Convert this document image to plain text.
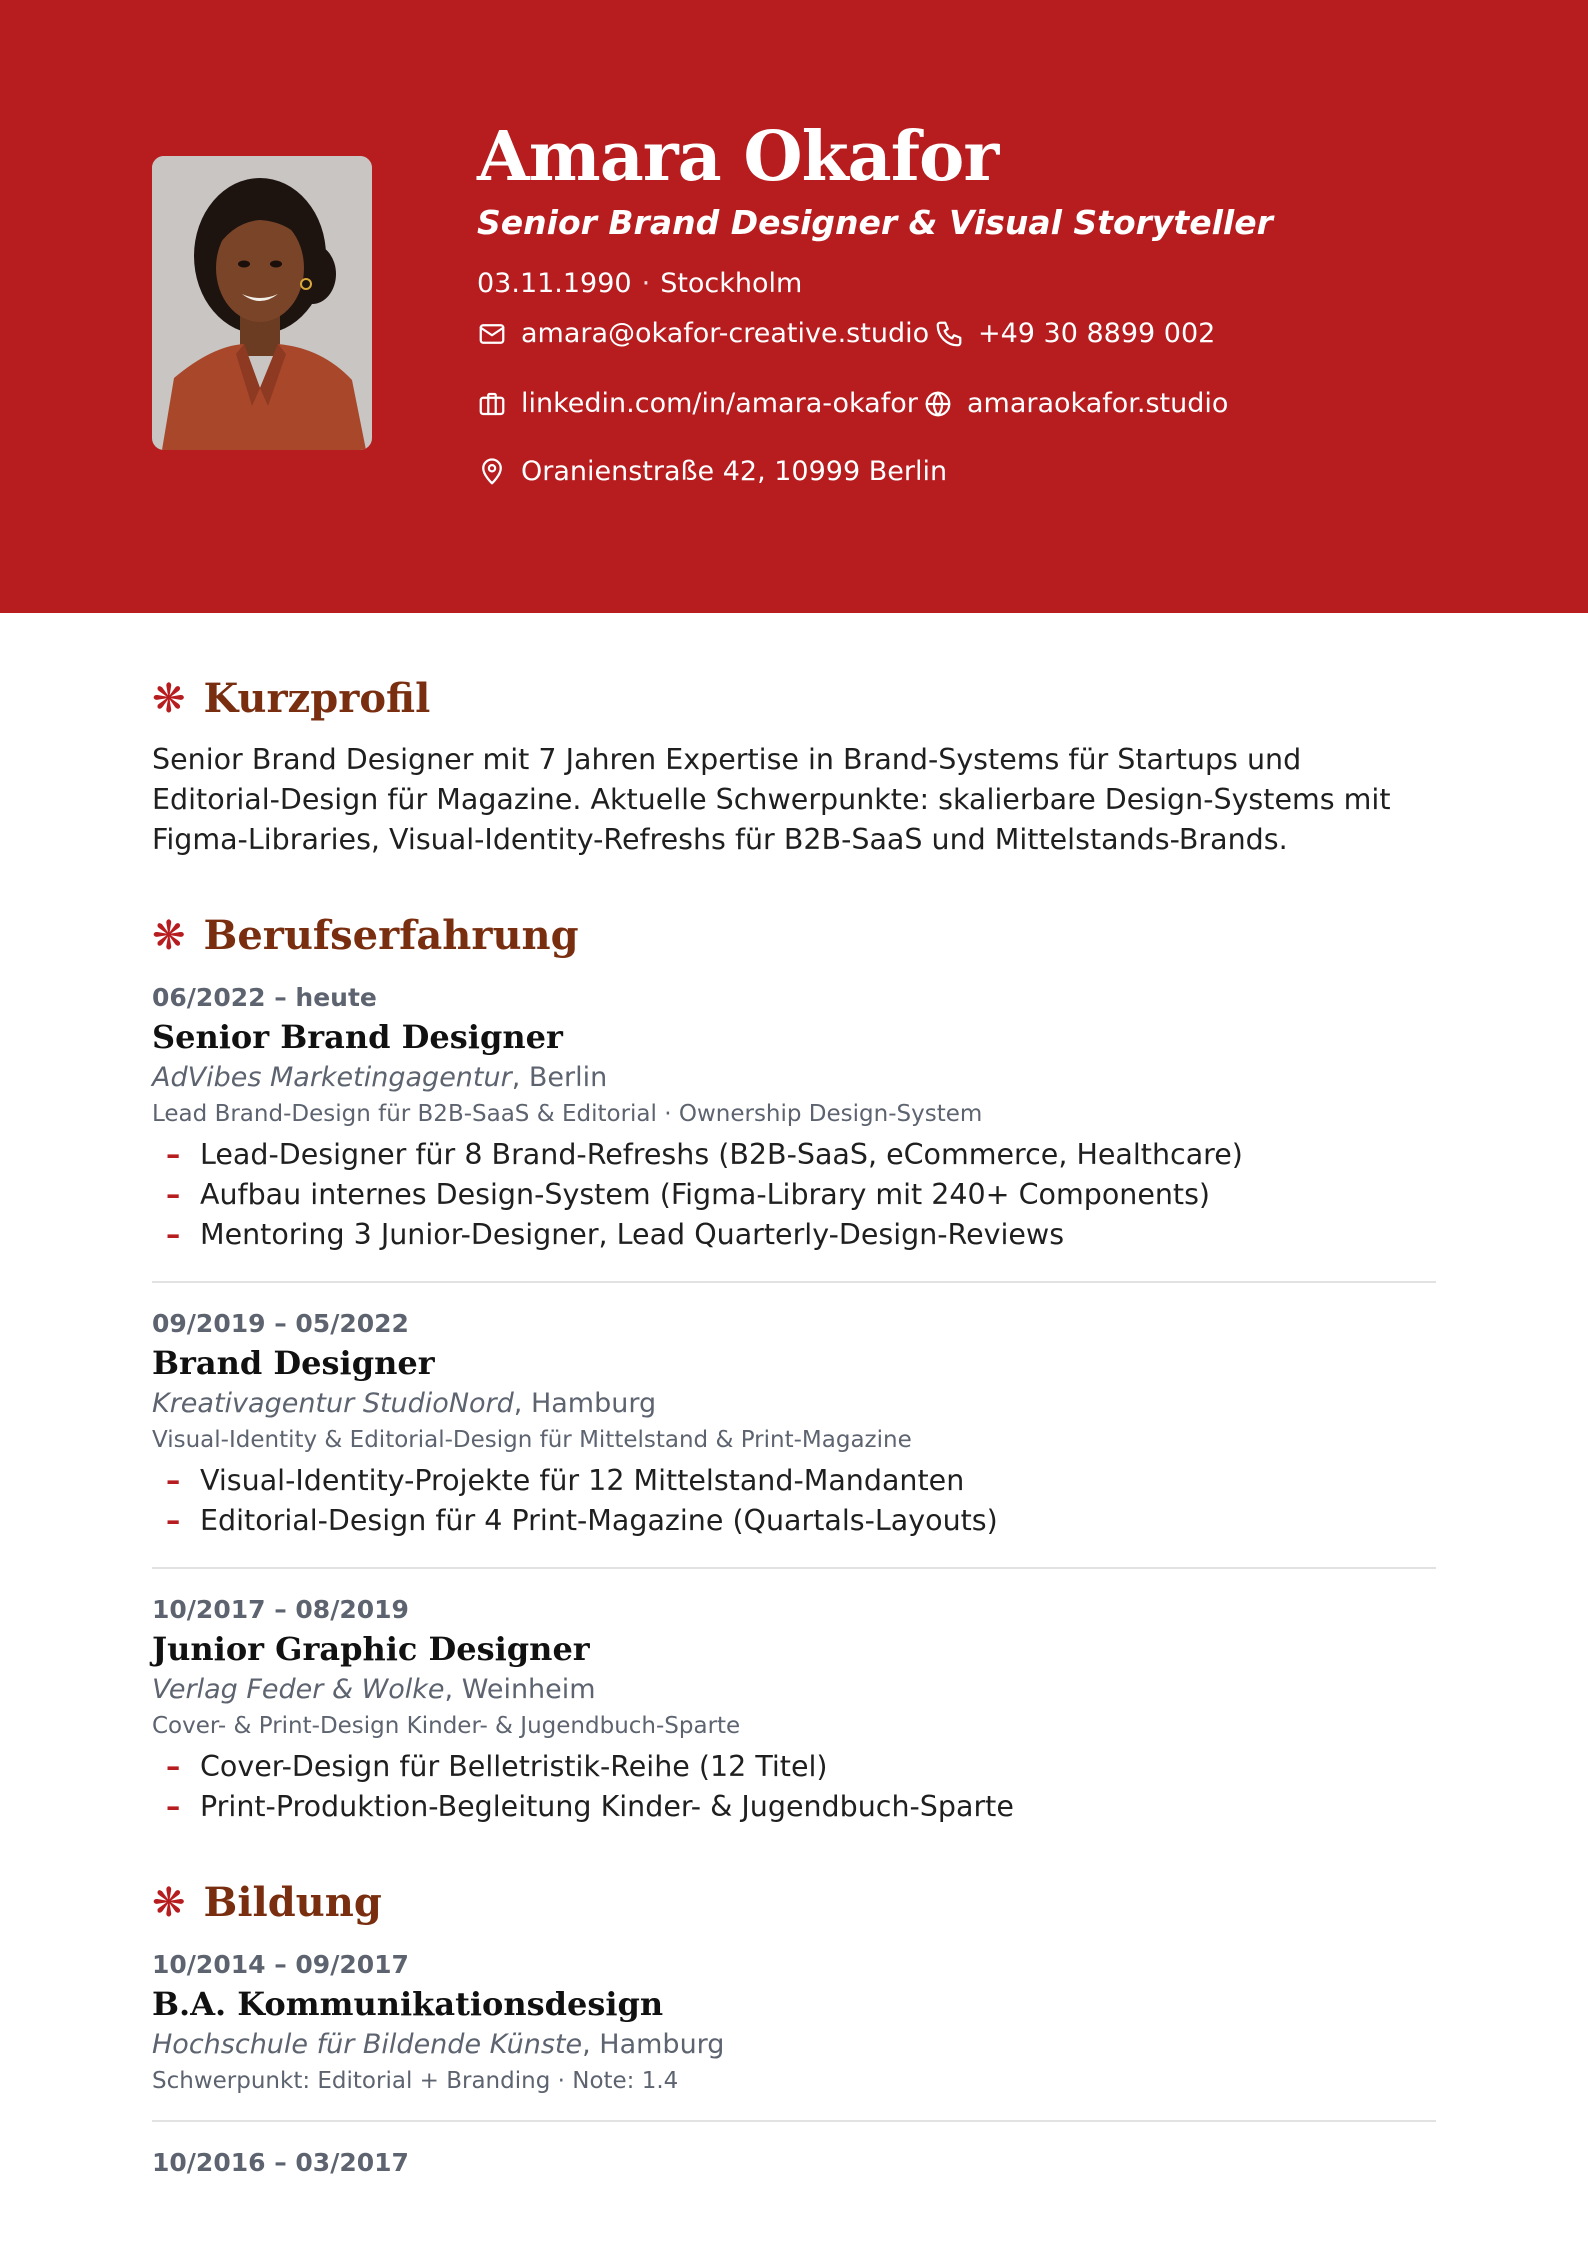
Amara Okafor
Senior Brand Designer & Visual Storyteller
03.11.1990 · Stockholm
amara@okafor-creative.studio +49 30 8899 002
linkedin.com/in/amara-okafor amaraokafor.studio
Oranienstraße 42, 10999 Berlin
❋ Kurzprofil
Senior Brand Designer mit 7 Jahren Expertise in Brand-Systems für Startups und Editorial-Design für Magazine. Aktuelle Schwerpunkte: skalierbare Design-Systems mit Figma-Libraries, Visual-Identity-Refreshs für B2B-SaaS und Mittelstands-Brands.
❋ Berufserfahrung
06/2022 – heute
Senior Brand Designer
AdVibes Marketingagentur, Berlin
Lead Brand-Design für B2B-SaaS & Editorial · Ownership Design-System
– Lead-Designer für 8 Brand-Refreshs (B2B-SaaS, eCommerce, Healthcare)
– Aufbau internes Design-System (Figma-Library mit 240+ Components)
– Mentoring 3 Junior-Designer, Lead Quarterly-Design-Reviews
09/2019 – 05/2022
Brand Designer
Kreativagentur StudioNord, Hamburg
Visual-Identity & Editorial-Design für Mittelstand & Print-Magazine
– Visual-Identity-Projekte für 12 Mittelstand-Mandanten
– Editorial-Design für 4 Print-Magazine (Quartals-Layouts)
10/2017 – 08/2019
Junior Graphic Designer
Verlag Feder & Wolke, Weinheim
Cover- & Print-Design Kinder- & Jugendbuch-Sparte
– Cover-Design für Belletristik-Reihe (12 Titel)
– Print-Produktion-Begleitung Kinder- & Jugendbuch-Sparte
❋ Bildung
10/2014 – 09/2017
B.A. Kommunikationsdesign
Hochschule für Bildende Künste, Hamburg
Schwerpunkt: Editorial + Branding · Note: 1.4
10/2016 – 03/2017
